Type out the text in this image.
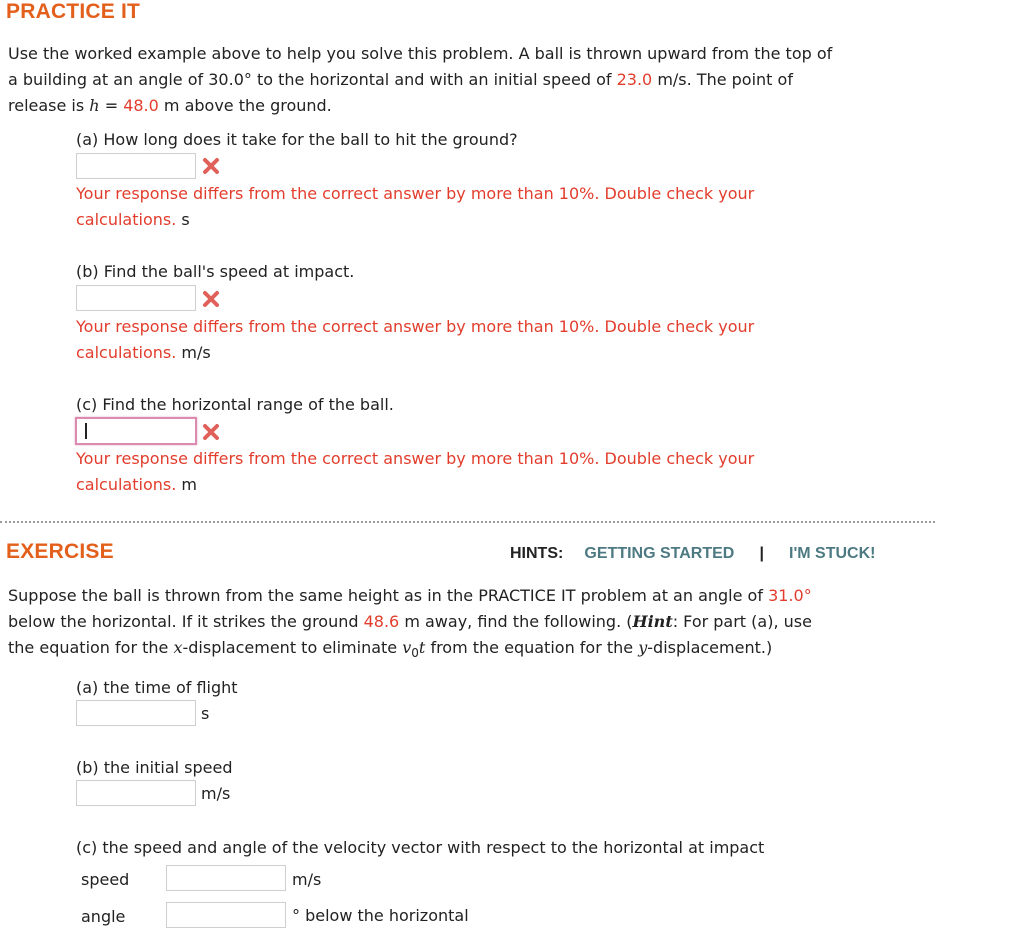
PRACTICE IT
Use the worked example above to help you solve this problem. A ball is thrown upward from the top of
a building at an angle of 30.0° to the horizontal and with an initial speed of 23.0 m/s. The point of
release is h = 48.0 m above the ground.
(a) How long does it take for the ball to hit the ground?
Your response differs from the correct answer by more than 10%. Double check your
calculations. s
(b) Find the ball's speed at impact.
Your response differs from the correct answer by more than 10%. Double check your
calculations. m/s
(c) Find the horizontal range of the ball.
Your response differs from the correct answer by more than 10%. Double check your
calculations. m
EXERCISE	HINTS: GETTING STARTED | I'M STUCK!
Suppose the ball is thrown from the same height as in the PRACTICE IT problem at an angle of 31.0°
below the horizontal. If it strikes the ground 48.6 m away, find the following. (Hint: For part (a), use
the equation for the x-displacement to eliminate $v_0t$ from the equation for the y-displacement.)
(a) the time of flight
s
(b) the initial speed
m/s
(c) the speed and angle of the velocity vector with respect to the horizontal at impact
speed	m/s
angle	° below the horizontal
